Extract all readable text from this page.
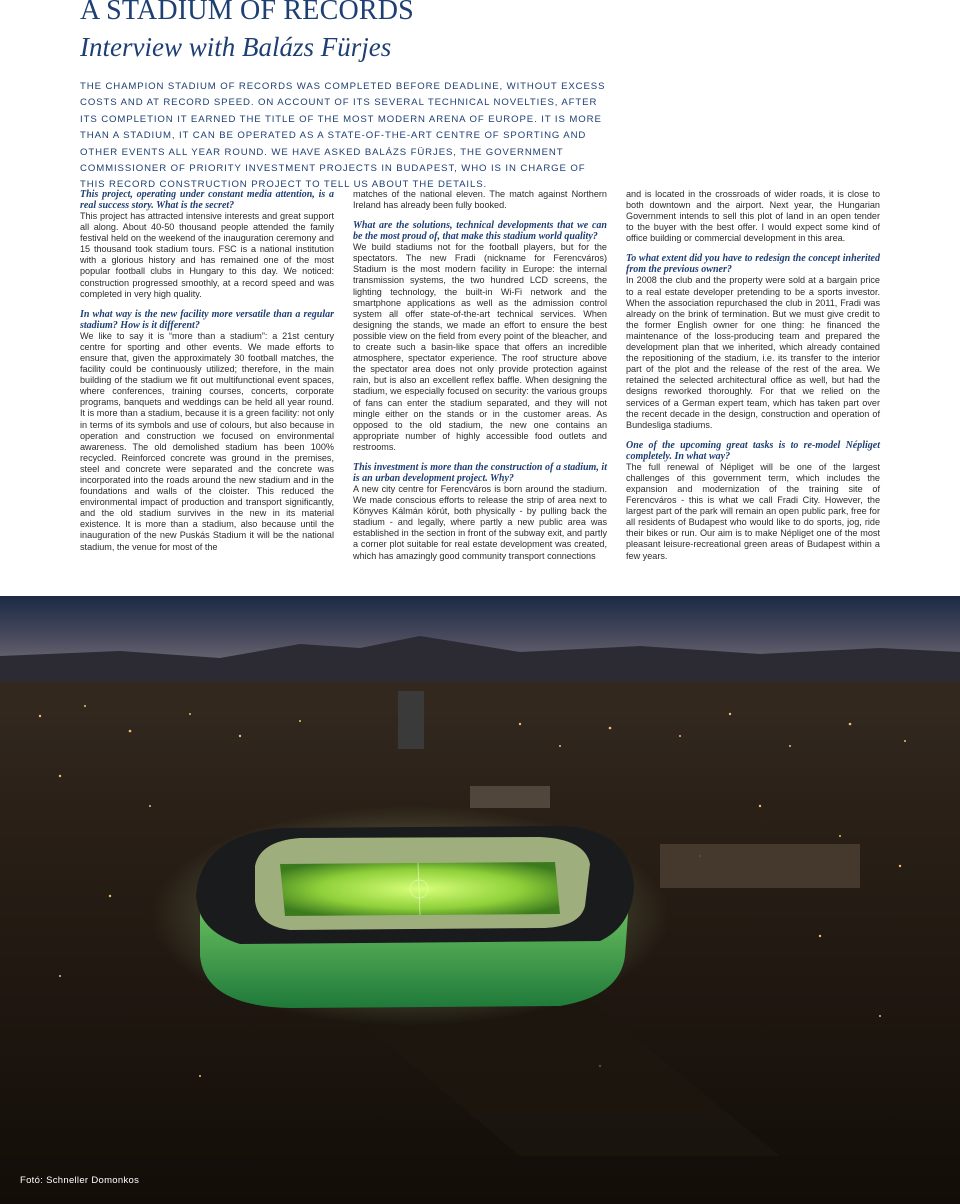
A STADIUM OF RECORDS
Interview with Balázs Fürjes

THE CHAMPION STADIUM OF RECORDS WAS COMPLETED BEFORE DEADLINE, WITHOUT EXCESS COSTS AND AT RECORD SPEED. ON ACCOUNT OF ITS SEVERAL TECHNICAL NOVELTIES, AFTER ITS COMPLETION IT EARNED THE TITLE OF THE MOST MODERN ARENA OF EUROPE. IT IS MORE THAN A STADIUM, IT CAN BE OPERATED AS A STATE-OF-THE-ART CENTRE OF SPORTING AND OTHER EVENTS ALL YEAR ROUND. WE HAVE ASKED BALÁZS FÜRJES, THE GOVERNMENT COMMISSIONER OF PRIORITY INVESTMENT PROJECTS IN BUDAPEST, WHO IS IN CHARGE OF THIS RECORD CONSTRUCTION PROJECT TO TELL US ABOUT THE DETAILS.

This project, operating under constant media attention, is a real success story. What is the secret?

This project has attracted intensive interests and great support all along. About 40-50 thousand people attended the family festival held on the weekend of the inauguration ceremony and 15 thousand took stadium tours. FSC is a national institution with a glorious history and has remained one of the most popular football clubs in Hungary to this day. We noticed: construction progressed smoothly, at a record speed and was completed in very high quality.

In what way is the new facility more versatile than a regular stadium? How is it different?

We like to say it is “more than a stadium”: a 21st century centre for sporting and other events. We made efforts to ensure that, given the approximately 30 football matches, the facility could be continuously utilized; therefore, in the main building of the stadium we fit out multifunctional event spaces, where conferences, training courses, concerts, corporate programs, banquets and weddings can be held all year round. It is more than a stadium, because it is a green facility: not only in terms of its symbols and use of colours, but also because in operation and construction we focused on environmental awareness. The old demolished stadium has been 100% recycled. Reinforced concrete was ground in the premises, steel and concrete were separated and the concrete was incorporated into the roads around the new stadium and in the foundations and walls of the cloister. This reduced the environmental impact of production and transport significantly, and the old stadium survives in the new in its material existence. It is more than a stadium, also because until the inauguration of the new Puskás Stadium it will be the national stadium, the venue for most of the

matches of the national eleven. The match against Northern Ireland has already been fully booked.

What are the solutions, technical developments that we can be the most proud of, that make this stadium world quality?

We build stadiums not for the football players, but for the spectators. The new Fradi (nickname for Ferencváros) Stadium is the most modern facility in Europe: the internal transmission systems, the two hundred LCD screens, the lighting technology, the built-in Wi-Fi network and the smartphone applications as well as the admission control system all offer state-of-the-art technical services. When designing the stands, we made an effort to ensure the best possible view on the field from every point of the bleacher, and to create such a basin-like space that offers an incredible atmosphere, spectator experience. The roof structure above the spectator area does not only provide protection against rain, but is also an excellent reflex baffle. When designing the stadium, we especially focused on security: the various groups of fans can enter the stadium separated, and they will not mingle either on the stands or in the customer areas. As opposed to the old stadium, the new one contains an appropriate number of highly accessible food outlets and restrooms.

This investment is more than the construction of a stadium, it is an urban development project. Why?

A new city centre for Ferencváros is born around the stadium. We made conscious efforts to release the strip of area next to Könyves Kálmán körút, both physically - by pulling back the stadium - and legally, where partly a new public area was established in the section in front of the subway exit, and partly a corner plot suitable for real estate development was created, which has amazingly good community transport connections

and is located in the crossroads of wider roads, it is close to both downtown and the airport. Next year, the Hungarian Government intends to sell this plot of land in an open tender to the buyer with the best offer. I would expect some kind of office building or commercial development in this area.

To what extent did you have to redesign the concept inherited from the previous owner?

In 2008 the club and the property were sold at a bargain price to a real estate developer pretending to be a sports investor. When the association repurchased the club in 2011, Fradi was already on the brink of termination. But we must give credit to the former English owner for one thing: he financed the maintenance of the loss-producing team and prepared the development plan that we inherited, which already contained the repositioning of the stadium, i.e. its transfer to the interior part of the plot and the release of the rest of the area. We retained the selected architectural office as well, but had the designs reworked thoroughly. For that we relied on the services of a German expert team, which has taken part over the recent decade in the design, construction and operation of Bundesliga stadiums.

One of the upcoming great tasks is to re-model Népliget completely. In what way?

The full renewal of Népliget will be one of the largest challenges of this government term, which includes the expansion and modernization of the training site of Ferencváros - this is what we call Fradi City. However, the largest part of the park will remain an open public park, free for all residents of Budapest who would like to do sports, jog, ride their bikes or run. Our aim is to make Népliget one of the most pleasant leisure-recreational green areas of Budapest within a few years.

Fotó: Schneller Domonkos
